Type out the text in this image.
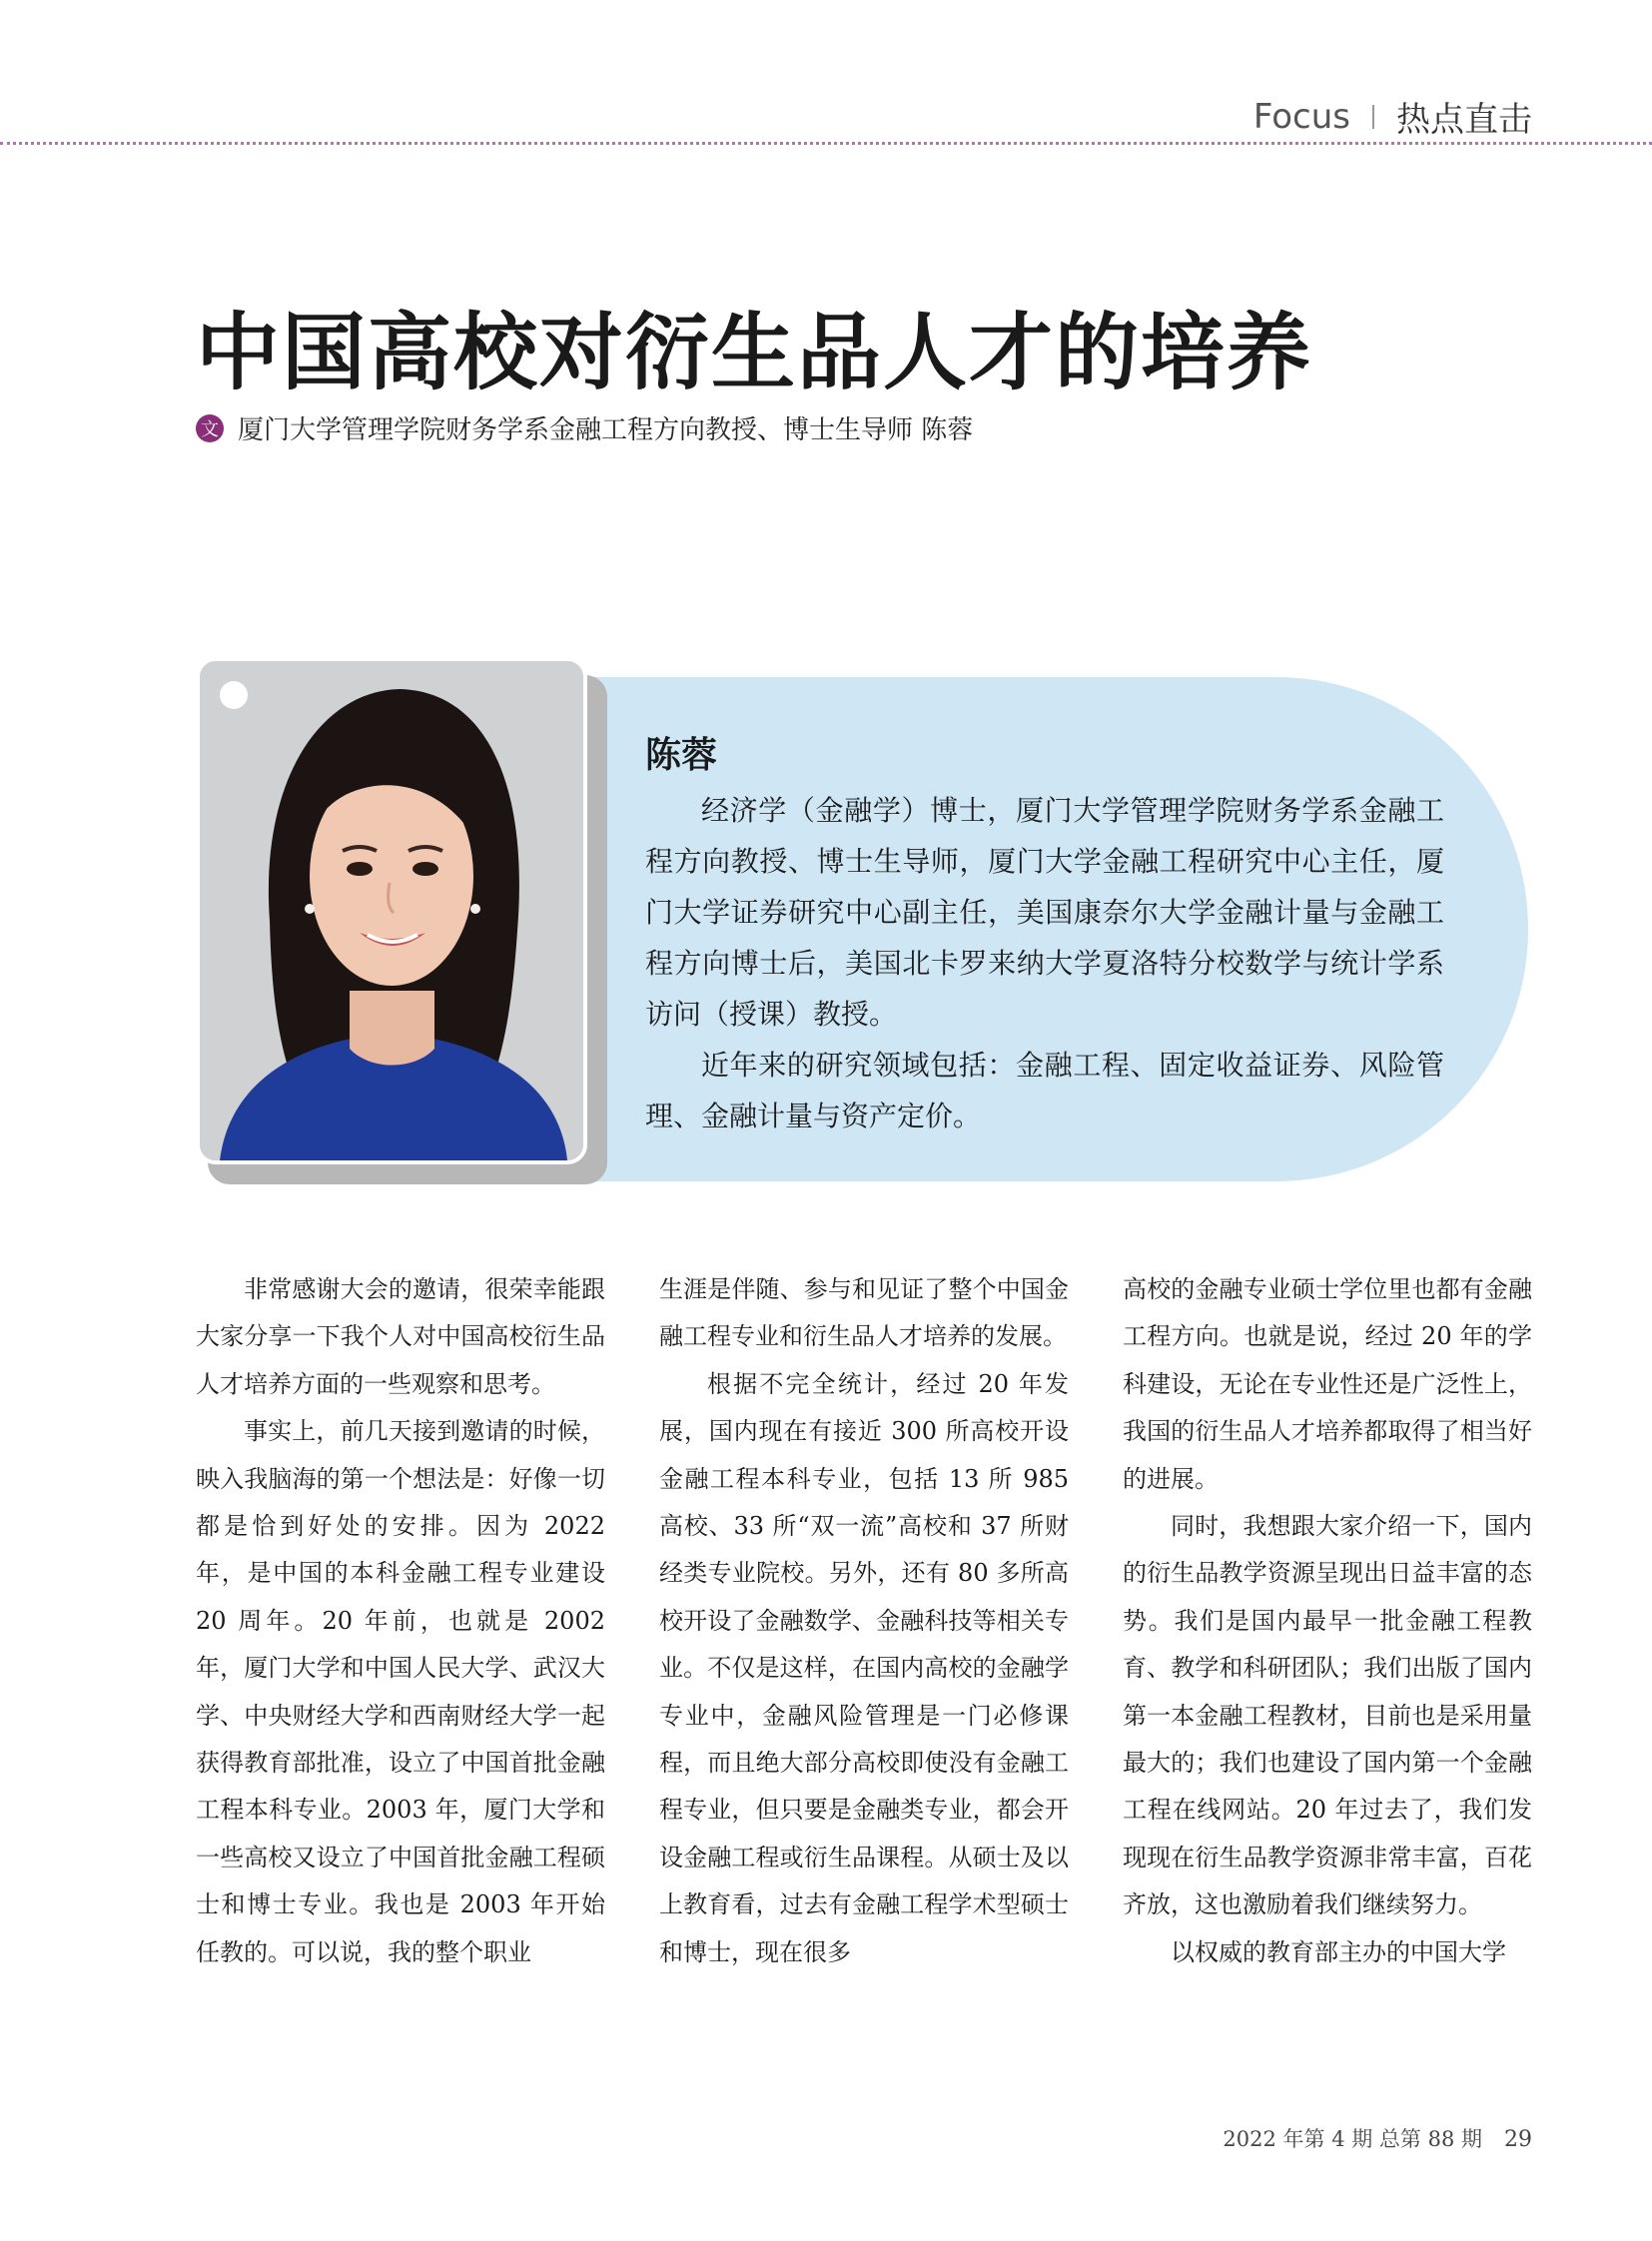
Focus 热点直击
中国高校对衍生品人才的培养
文 厦门大学管理学院财务学系金融工程方向教授、博士生导师 陈蓉
陈蓉

经济学（金融学）博士，厦门大学管理学院财务学系金融工程方向教授、博士生导师，厦门大学金融工程研究中心主任，厦门大学证券研究中心副主任，美国康奈尔大学金融计量与金融工程方向博士后，美国北卡罗来纳大学夏洛特分校数学与统计学系访问（授课）教授。

近年来的研究领域包括：金融工程、固定收益证券、风险管理、金融计量与资产定价。

非常感谢大会的邀请，很荣幸能跟大家分享一下我个人对中国高校衍生品人才培养方面的一些观察和思考。

事实上，前几天接到邀请的时候，映入我脑海的第一个想法是：好像一切都是恰到好处的安排。因为 2022 年，是中国的本科金融工程专业建设 20 周年。20 年前，也就是 2002 年，厦门大学和中国人民大学、武汉大学、中央财经大学和西南财经大学一起获得教育部批准，设立了中国首批金融工程本科专业。2003 年，厦门大学和一些高校又设立了中国首批金融工程硕士和博士专业。我也是 2003 年开始任教的。可以说，我的整个职业

生涯是伴随、参与和见证了整个中国金融工程专业和衍生品人才培养的发展。

根据不完全统计，经过 20 年发展，国内现在有接近 300 所高校开设金融工程本科专业，包括 13 所 985 高校、33 所“双一流”高校和 37 所财经类专业院校。另外，还有 80 多所高校开设了金融数学、金融科技等相关专业。不仅是这样，在国内高校的金融学专业中，金融风险管理是一门必修课程，而且绝大部分高校即使没有金融工程专业，但只要是金融类专业，都会开设金融工程或衍生品课程。从硕士及以上教育看，过去有金融工程学术型硕士和博士，现在很多

高校的金融专业硕士学位里也都有金融工程方向。也就是说，经过 20 年的学科建设，无论在专业性还是广泛性上，我国的衍生品人才培养都取得了相当好的进展。

同时，我想跟大家介绍一下，国内的衍生品教学资源呈现出日益丰富的态势。我们是国内最早一批金融工程教育、教学和科研团队；我们出版了国内第一本金融工程教材，目前也是采用量最大的；我们也建设了国内第一个金融工程在线网站。20 年过去了，我们发现现在衍生品教学资源非常丰富，百花齐放，这也激励着我们继续努力。

以权威的教育部主办的中国大学

2022 年第 4 期 总第 88 期 29
